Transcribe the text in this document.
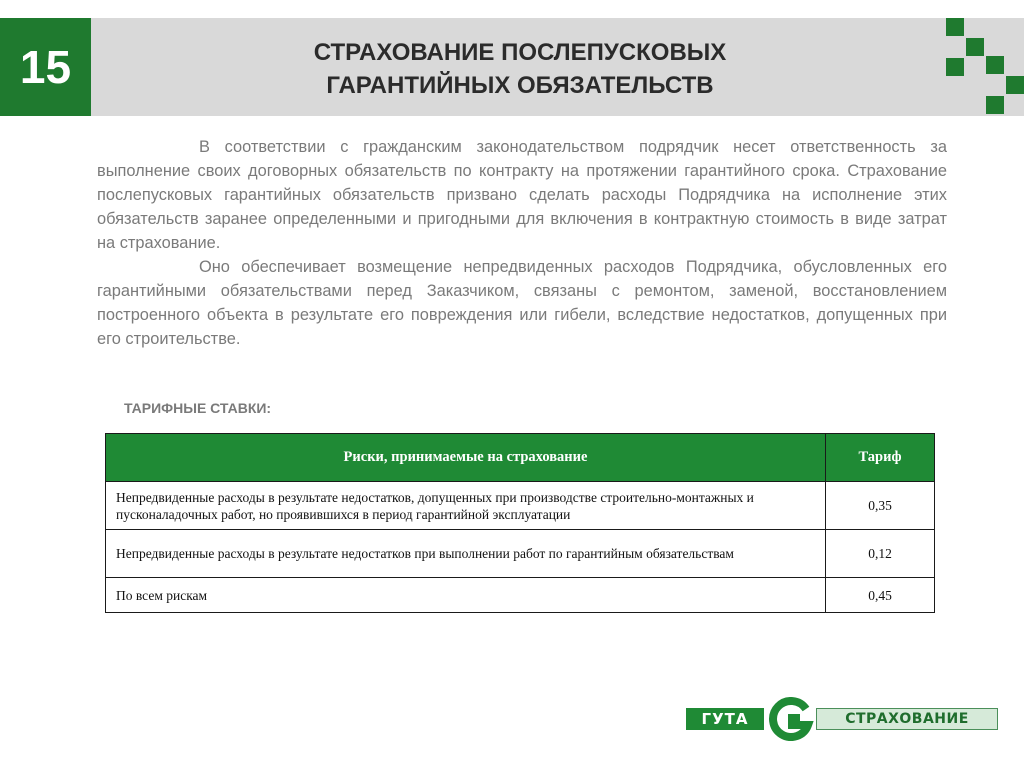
15	СТРАХОВАНИЕ ПОСЛЕПУСКОВЫХ
ГАРАНТИЙНЫХ ОБЯЗАТЕЛЬСТВ

В соответствии с гражданским законодательством подрядчик несет ответственность за выполнение своих договорных обязательств по контракту на протяжении гарантийного срока. Страхование послепусковых гарантийных обязательств призвано сделать расходы Подрядчика на исполнение этих обязательств заранее определенными и пригодными для включения в контрактную стоимость в виде затрат на страхование.

Оно обеспечивает возмещение непредвиденных расходов Подрядчика, обусловленных его гарантийными обязательствами перед Заказчиком, связаны с ремонтом, заменой, восстановлением построенного объекта в результате его повреждения или гибели, вследствие недостатков, допущенных при его строительстве.

ТАРИФНЫЕ СТАВКИ:
Риски, принимаемые на страхование	Тариф
Непредвиденные расходы в результате недостатков, допущенных при производстве строительно-монтажных и пусконаладочных работ, но проявившихся в период гарантийной эксплуатации	0,35
Непредвиденные расходы в результате недостатков при выполнении работ по гарантийным обязательствам	0,12
По всем рискам	0,45
ГУТА	СТРАХОВАНИЕ
